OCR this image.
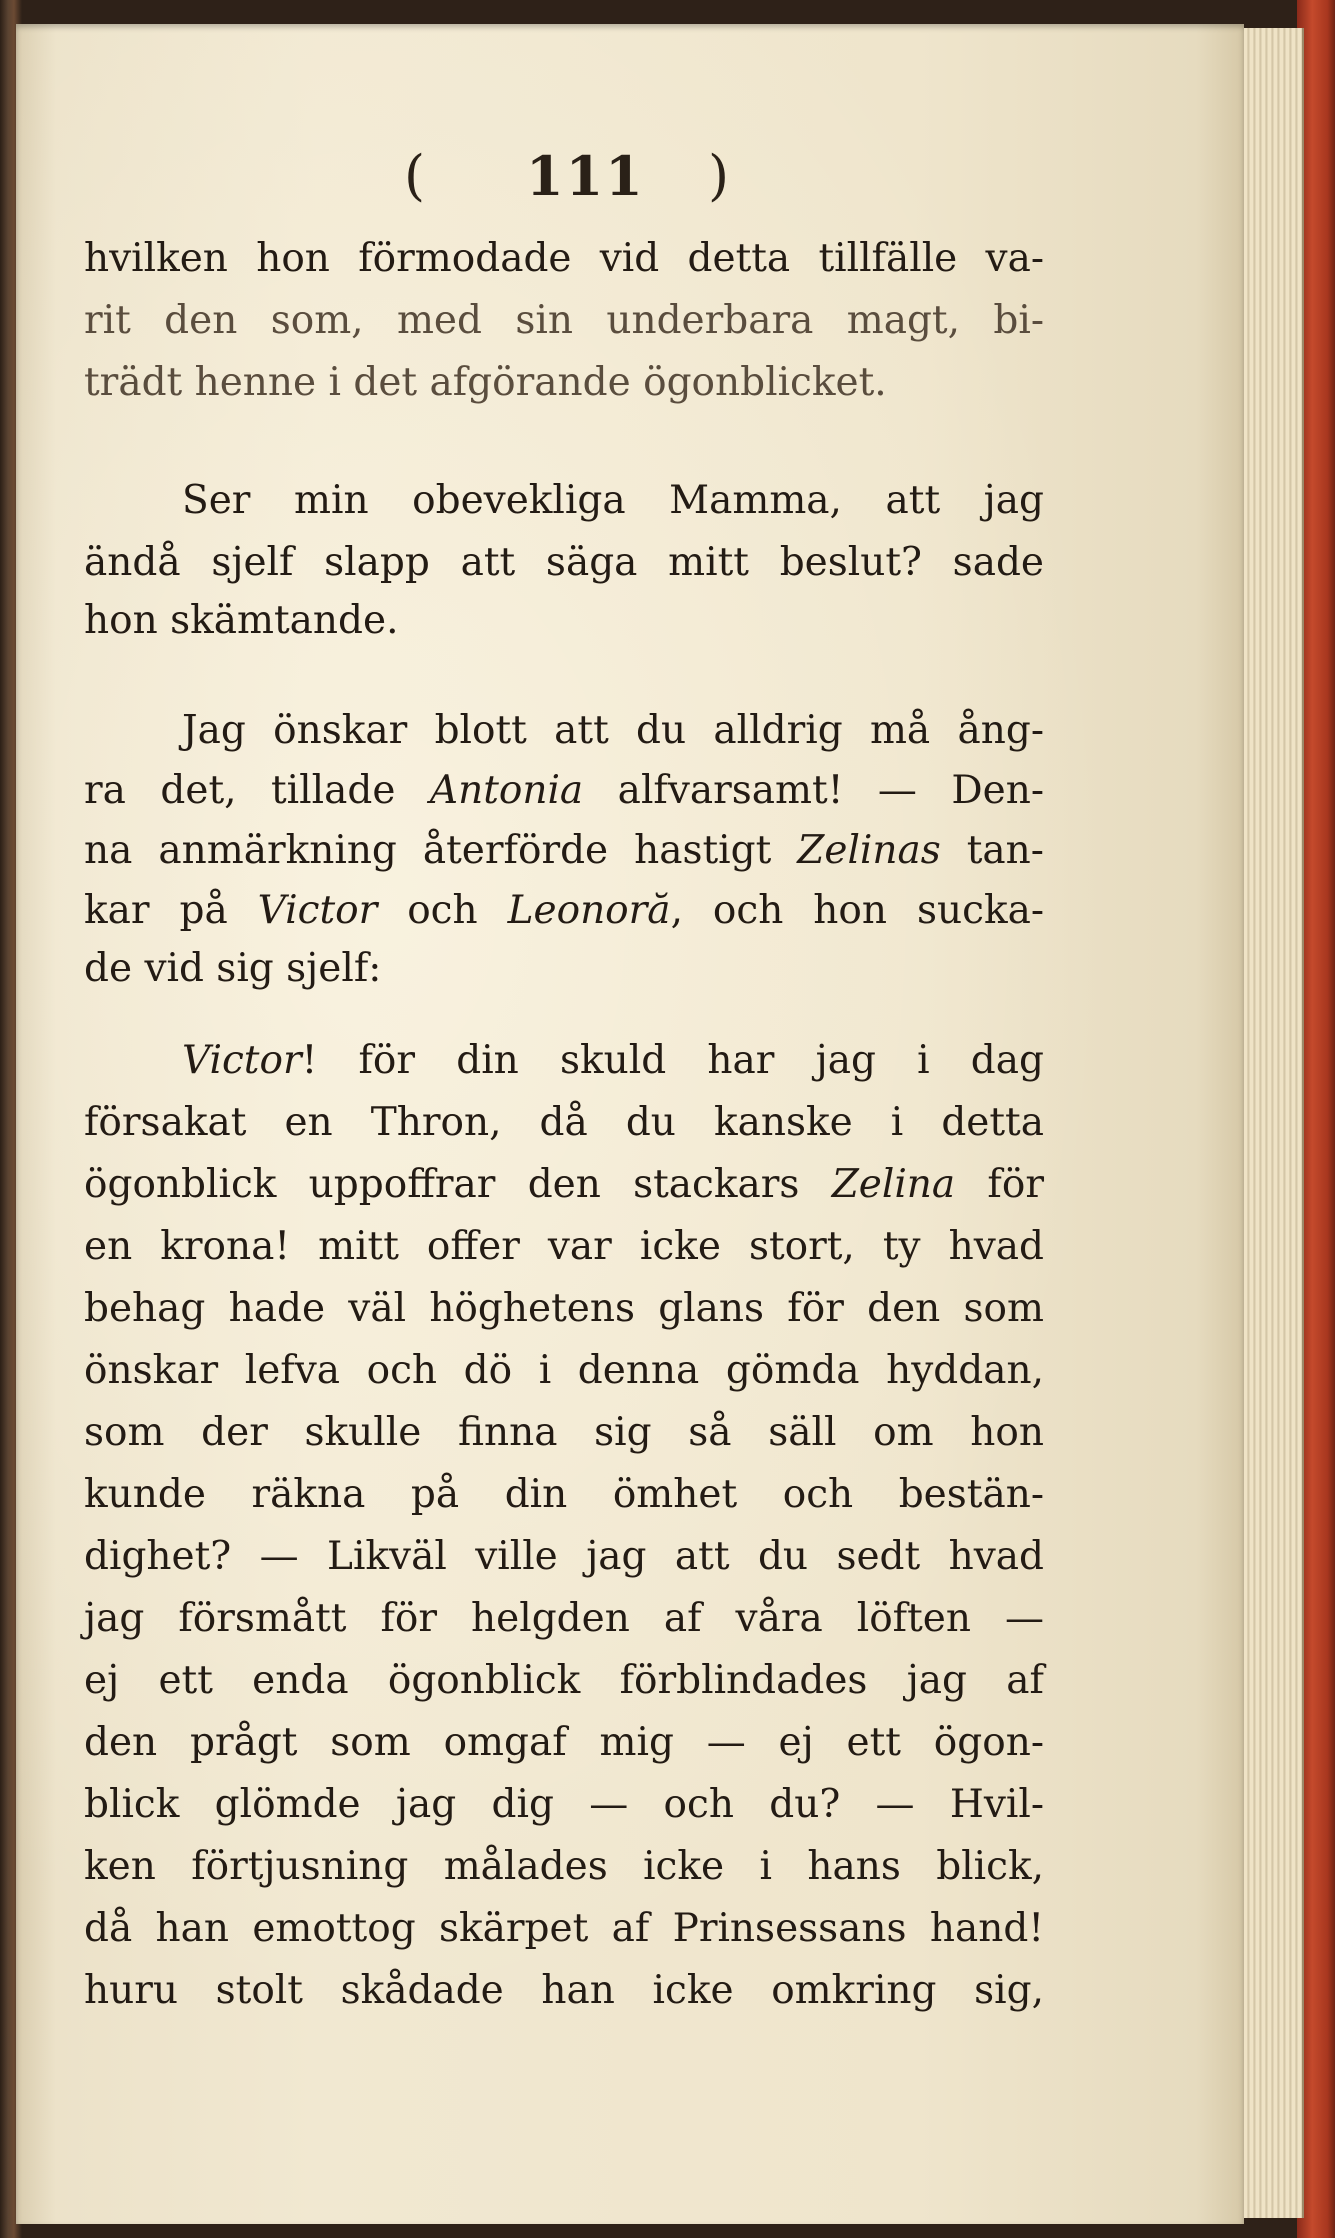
( 111 )
hvilken hon förmodade vid detta tillfälle va-
rit den som, med sin underbara magt, bi-
trädt henne i det afgörande ögonblicket.
Ser min obevekliga Mamma, att jag
ändå sjelf slapp att säga mitt beslut? sade
hon skämtande.
Jag önskar blott att du alldrig må ång-
ra det, tillade Antonia alfvarsamt! — Den-
na anmärkning återförde hastigt Zelinas tan-
kar på Victor och Leonoră, och hon sucka-
de vid sig sjelf:
Victor! för din skuld har jag i dag
försakat en Thron, då du kanske i detta
ögonblick uppoffrar den stackars Zelina för
en krona! mitt offer var icke stort, ty hvad
behag hade väl höghetens glans för den som
önskar lefva och dö i denna gömda hyddan,
som der skulle finna sig så säll om hon
kunde räkna på din ömhet och bestän-
dighet? — Likväl ville jag att du sedt hvad
jag försmått för helgden af våra löften —
ej ett enda ögonblick förblindades jag af
den prågt som omgaf mig — ej ett ögon-
blick glömde jag dig — och du? — Hvil-
ken förtjusning målades icke i hans blick,
då han emottog skärpet af Prinsessans hand!
huru stolt skådade han icke omkring sig,
